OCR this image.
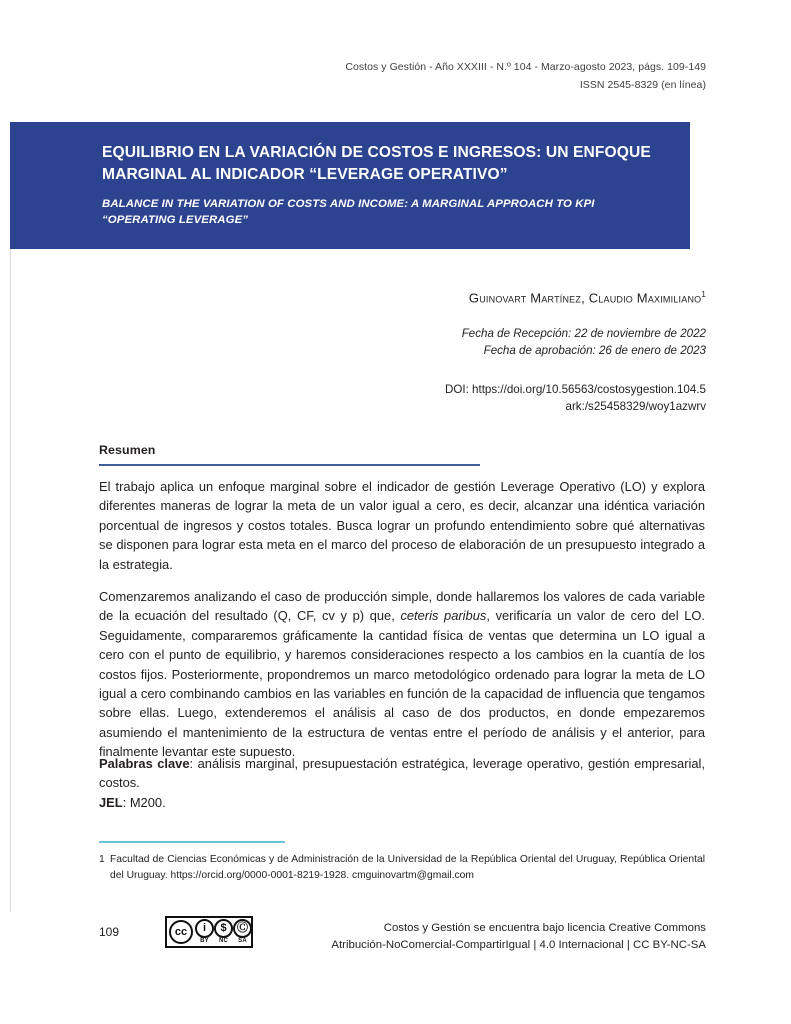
Costos y Gestión - Año XXXIII - N.º 104 - Marzo-agosto 2023, págs. 109-149
ISSN 2545-8329 (en línea)
EQUILIBRIO EN LA VARIACIÓN DE COSTOS E INGRESOS: UN ENFOQUE MARGINAL AL INDICADOR “LEVERAGE OPERATIVO”
BALANCE IN THE VARIATION OF COSTS AND INCOME: A MARGINAL APPROACH TO KPI “OPERATING LEVERAGE”

Guinovart Martínez, Claudio Maximiliano$^1$

Fecha de Recepción: 22 de noviembre de 2022
Fecha de aprobación: 26 de enero de 2023

DOI: https://doi.org/10.56563/costosygestion.104.5
ark:/s25458329/woy1azwrv

Resumen

El trabajo aplica un enfoque marginal sobre el indicador de gestión Leverage Operativo (LO) y explora diferentes maneras de lograr la meta de un valor igual a cero, es decir, alcanzar una idéntica variación porcentual de ingresos y costos totales. Busca lograr un profundo entendimiento sobre qué alternativas se disponen para lograr esta meta en el marco del proceso de elaboración de un presupuesto integrado a la estrategia.

Comenzaremos analizando el caso de producción simple, donde hallaremos los valores de cada variable de la ecuación del resultado (Q, CF, cv y p) que, ceteris paribus, verificaría un valor de cero del LO. Seguidamente, compararemos gráficamente la cantidad física de ventas que determina un LO igual a cero con el punto de equilibrio, y haremos consideraciones respecto a los cambios en la cuantía de los costos fijos. Posteriormente, propondremos un marco metodológico ordenado para lograr la meta de LO igual a cero combinando cambios en las variables en función de la capacidad de influencia que tengamos sobre ellas. Luego, extenderemos el análisis al caso de dos productos, en donde empezaremos asumiendo el mantenimiento de la estructura de ventas entre el período de análisis y el anterior, para finalmente levantar este supuesto.

Palabras clave: análisis marginal, presupuestación estratégica, leverage operativo, gestión empresarial, costos.
JEL: M200.
1 Facultad de Ciencias Económicas y de Administración de la Universidad de la República Oriental del Uruguay, República Oriental del Uruguay. https://orcid.org/0000-0001-8219-1928. cmguinovartm@gmail.com
109	cc	i
BY
$
NC
Ⓒ
SA
Costos y Gestión se encuentra bajo licencia Creative Commons
Atribución-NoComercial-CompartirIgual | 4.0 Internacional | CC BY-NC-SA
